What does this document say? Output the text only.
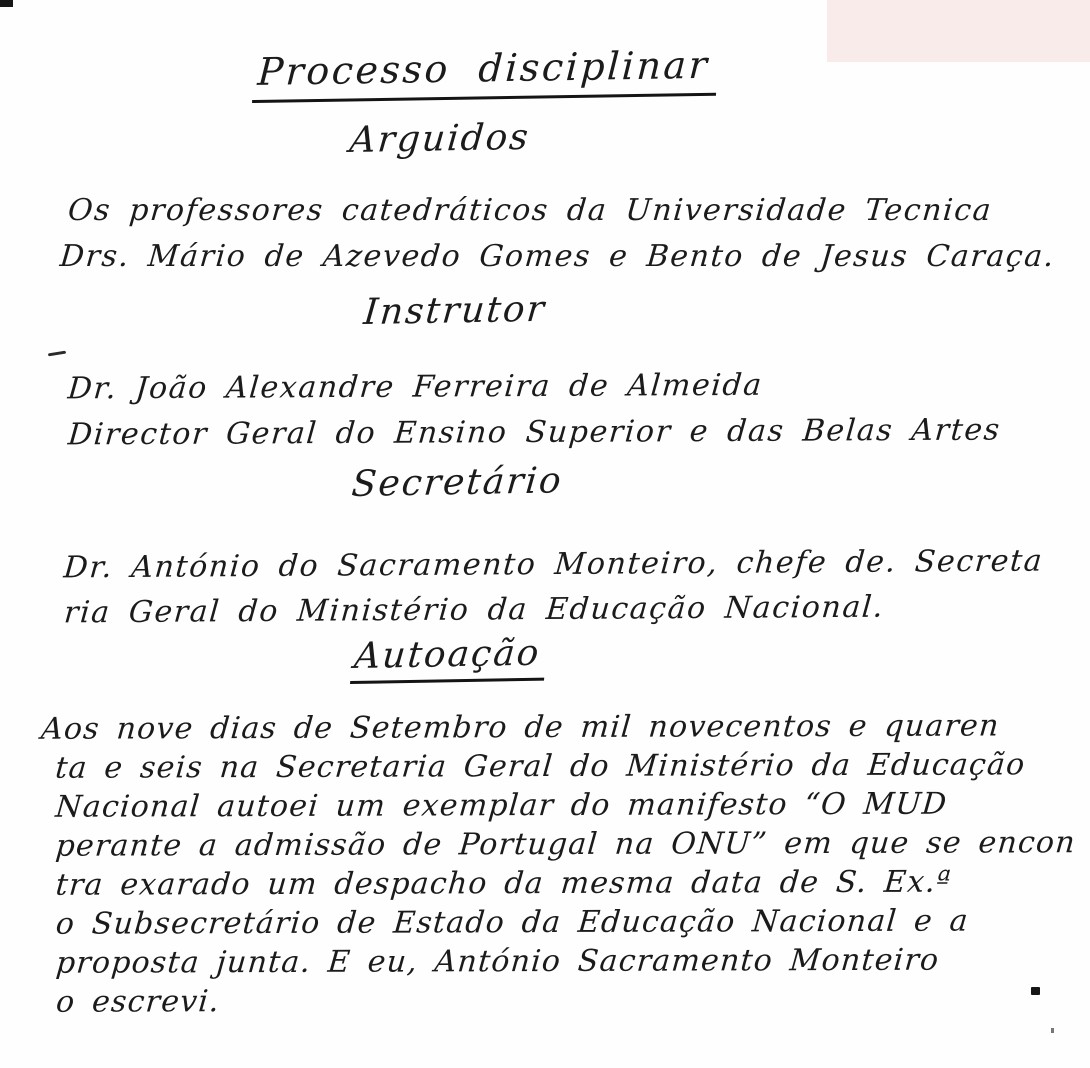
Processo disciplinar
Arguidos
Os professores catedráticos da Universidade Tecnica
Drs. Mário de Azevedo Gomes e Bento de Jesus Caraça.
Instrutor
Dr. João Alexandre Ferreira de Almeida
Director Geral do Ensino Superior e das Belas Artes
Secretário
Dr. António do Sacramento Monteiro, chefe de. Secreta
ria Geral do Ministério da Educação Nacional.
Autoação
Aos nove dias de Setembro de mil novecentos e quaren
ta e seis na Secretaria Geral do Ministério da Educação
Nacional autoei um exemplar do manifesto “O MUD
perante a admissão de Portugal na ONU” em que se encon
tra exarado um despacho da mesma data de S. Ex.ª
o Subsecretário de Estado da Educação Nacional e a
proposta junta. E eu, António Sacramento Monteiro
o escrevi.
